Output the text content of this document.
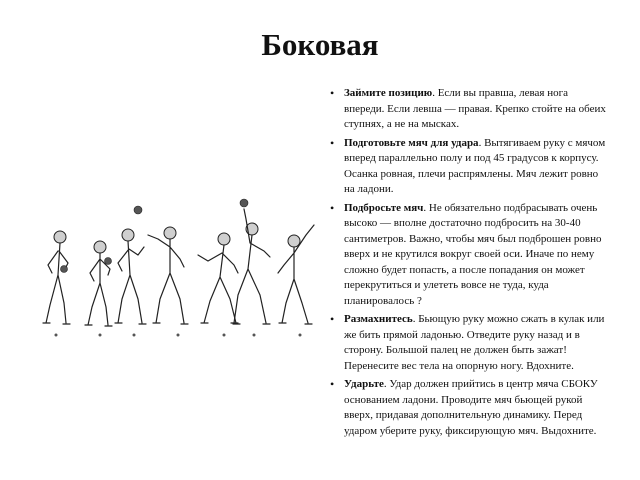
Боковая
• Займите позицию. Если вы правша, левая нога впереди. Если левша — правая. Крепко стойте на обеих ступнях, а не на мысках.
• Подготовьте мяч для удара. Вытягиваем руку с мячом вперед параллельно полу и под 45 градусов к корпусу. Осанка ровная, плечи распрямлены. Мяч лежит ровно на ладони.
• Подбросьте мяч. Не обязательно подбрасывать очень высоко — вполне достаточно подбросить на 30-40 сантиметров. Важно, чтобы мяч был подброшен ровно вверх и не крутился вокруг своей оси. Иначе по нему сложно будет попасть, а после попадания он может перекрутиться и улететь вовсе не туда, куда планировалось ?
• Размахнитесь. Бьющую руку можно сжать в кулак или же бить прямой ладонью. Отведите руку назад и в сторону. Большой палец не должен быть зажат! Перенесите вес тела на опорную ногу. Вдохните.
• Ударьте. Удар должен прийтись в центр мяча СБОКУ основанием ладони. Проводите мяч бьющей рукой вверх, придавая дополнительную динамику. Перед ударом уберите руку, фиксирующую мяч. Выдохните.
